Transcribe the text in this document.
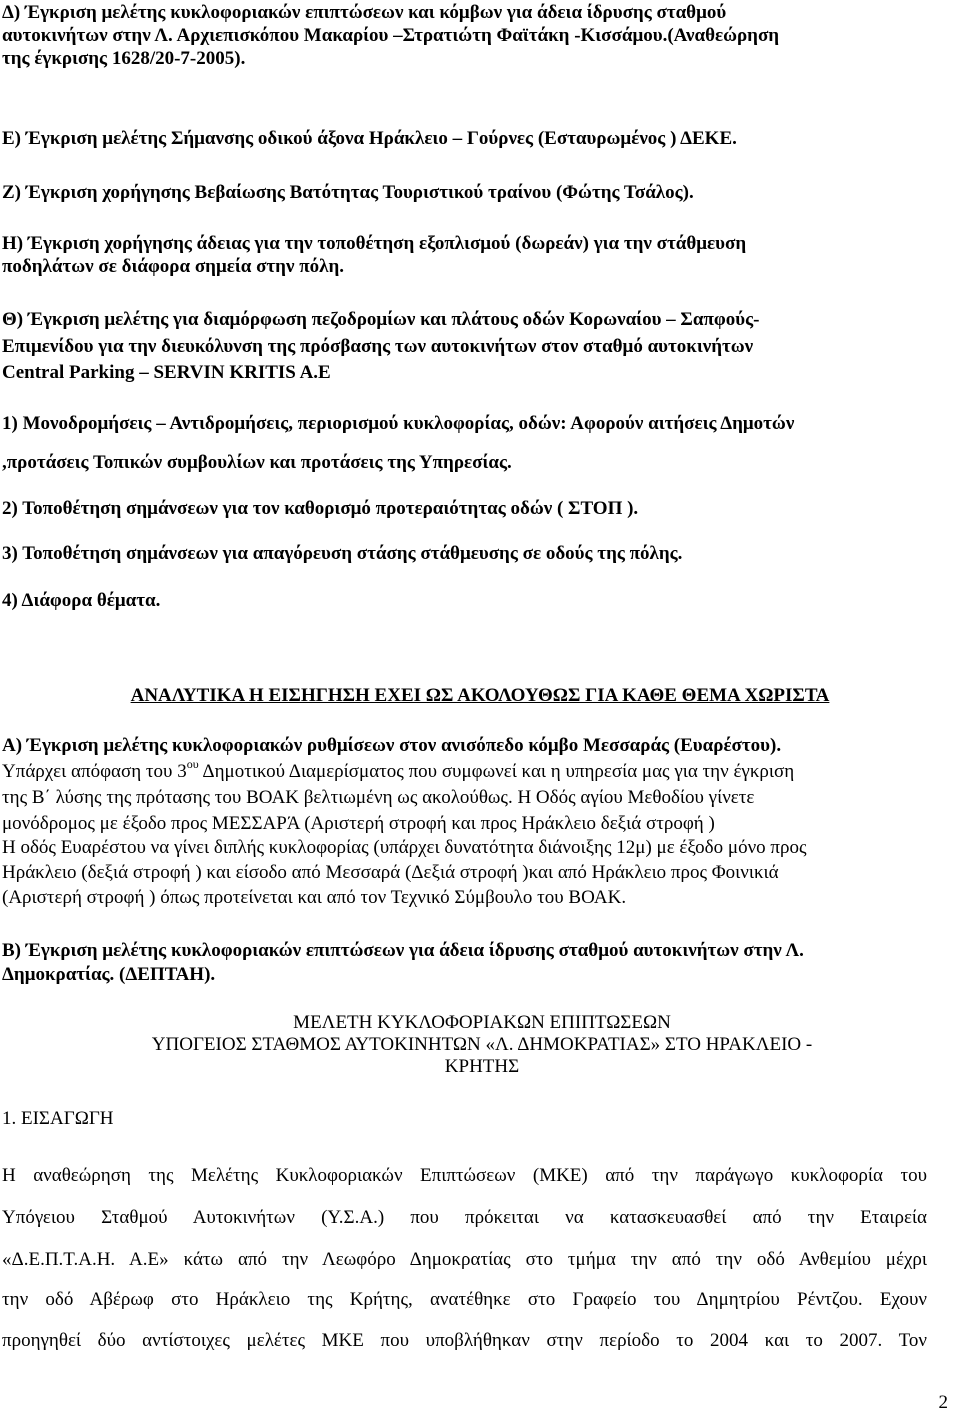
Δ) Έγκριση μελέτης κυκλοφοριακών επιπτώσεων και κόμβων για άδεια ίδρυσης σταθμού
αυτοκινήτων στην Λ. Αρχιεπισκόπου Μακαρίου –Στρατιώτη Φαϊτάκη -Κισσάμου.(Αναθεώρηση
της έγκρισης 1628/20-7-2005).
Ε) Έγκριση μελέτης Σήμανσης οδικού άξονα Ηράκλειο – Γούρνες (Εσταυρωμένος ) ΔΕΚΕ.
Ζ) Έγκριση χορήγησης Βεβαίωσης Βατότητας Τουριστικού τραίνου (Φώτης Τσάλος).
Η) Έγκριση χορήγησης άδειας για την τοποθέτηση εξοπλισμού (δωρεάν) για την στάθμευση
ποδηλάτων σε διάφορα σημεία στην πόλη.
Θ) Έγκριση μελέτης για διαμόρφωση πεζοδρομίων και πλάτους οδών Κορωναίου – Σαπφούς-
Επιμενίδου για την διευκόλυνση της πρόσβασης των αυτοκινήτων στον σταθμό αυτοκινήτων
Central Parking – SERVIN KRITIS A.E
1) Μονοδρομήσεις – Αντιδρομήσεις, περιορισμού κυκλοφορίας, οδών: Αφορούν αιτήσεις Δημοτών
,προτάσεις Τοπικών συμβουλίων και προτάσεις της Υπηρεσίας.
2) Τοποθέτηση σημάνσεων για τον καθορισμό προτεραιότητας οδών ( ΣΤΟΠ ).
3) Τοποθέτηση σημάνσεων για απαγόρευση στάσης στάθμευσης σε οδούς της πόλης.
4) Διάφορα θέματα.
ΑΝΑΛΥΤΙΚΑ Η ΕΙΣΗΓΗΣΗ ΕΧΕΙ ΩΣ ΑΚΟΛΟΥΘΩΣ ΓΙΑ ΚΑΘΕ ΘΕΜΑ ΧΩΡΙΣΤΑ
Α) Έγκριση μελέτης κυκλοφοριακών ρυθμίσεων στον ανισόπεδο κόμβο Μεσσαράς (Ευαρέστου).
Υπάρχει απόφαση του $3^{o\upsilon}$ Δημοτικού Διαμερίσματος που συμφωνεί και η υπηρεσία μας για την έγκριση
της Β΄ λύσης της πρότασης του ΒΟΑΚ βελτιωμένη ως ακολούθως. Η Οδός αγίου Μεθοδίου γίνετε
μονόδρομος με έξοδο προς ΜΕΣΣΑΡΆ (Αριστερή στροφή και προς Ηράκλειο δεξιά στροφή )
Η οδός Ευαρέστου να γίνει διπλής κυκλοφορίας (υπάρχει δυνατότητα διάνοιξης 12μ) με έξοδο μόνο προς
Ηράκλειο (δεξιά στροφή ) και είσοδο από Μεσσαρά (Δεξιά στροφή )και από Ηράκλειο προς Φοινικιά
(Αριστερή στροφή ) όπως προτείνεται και από τον Τεχνικό Σύμβουλο του ΒΟΑΚ.
Β) Έγκριση μελέτης κυκλοφοριακών επιπτώσεων για άδεια ίδρυσης σταθμού αυτοκινήτων στην Λ.
Δημοκρατίας. (ΔΕΠΤΑΗ).
ΜΕΛΕΤΗ ΚΥΚΛΟΦΟΡΙΑΚΩΝ ΕΠΙΠΤΩΣΕΩΝ
ΥΠΟΓΕΙΟΣ ΣΤΑΘΜΟΣ ΑΥΤΟΚΙΝΗΤΩΝ «Λ. ΔΗΜΟΚΡΑΤΙΑΣ» ΣΤΟ ΗΡΑΚΛΕΙΟ -
ΚΡΗΤΗΣ
1. ΕΙΣΑΓΩΓΗ
Η αναθεώρηση της Μελέτης Κυκλοφοριακών Επιπτώσεων (ΜΚΕ) από την παράγωγο κυκλοφορία του
Υπόγειου Σταθμού Αυτοκινήτων (Υ.Σ.Α.) που πρόκειται να κατασκευασθεί από την Εταιρεία
«Δ.Ε.Π.Τ.Α.Η. Α.Ε» κάτω από την Λεωφόρο Δημοκρατίας στο τμήμα την από την οδό Ανθεμίου μέχρι
την οδό Αβέρωφ στο Ηράκλειο της Κρήτης, ανατέθηκε στο Γραφείο του Δημητρίου Ρέντζου. Εχουν
προηγηθεί δύο αντίστοιχες μελέτες ΜΚΕ που υποβλήθηκαν στην περίοδο το 2004 και το 2007. Τον
2
